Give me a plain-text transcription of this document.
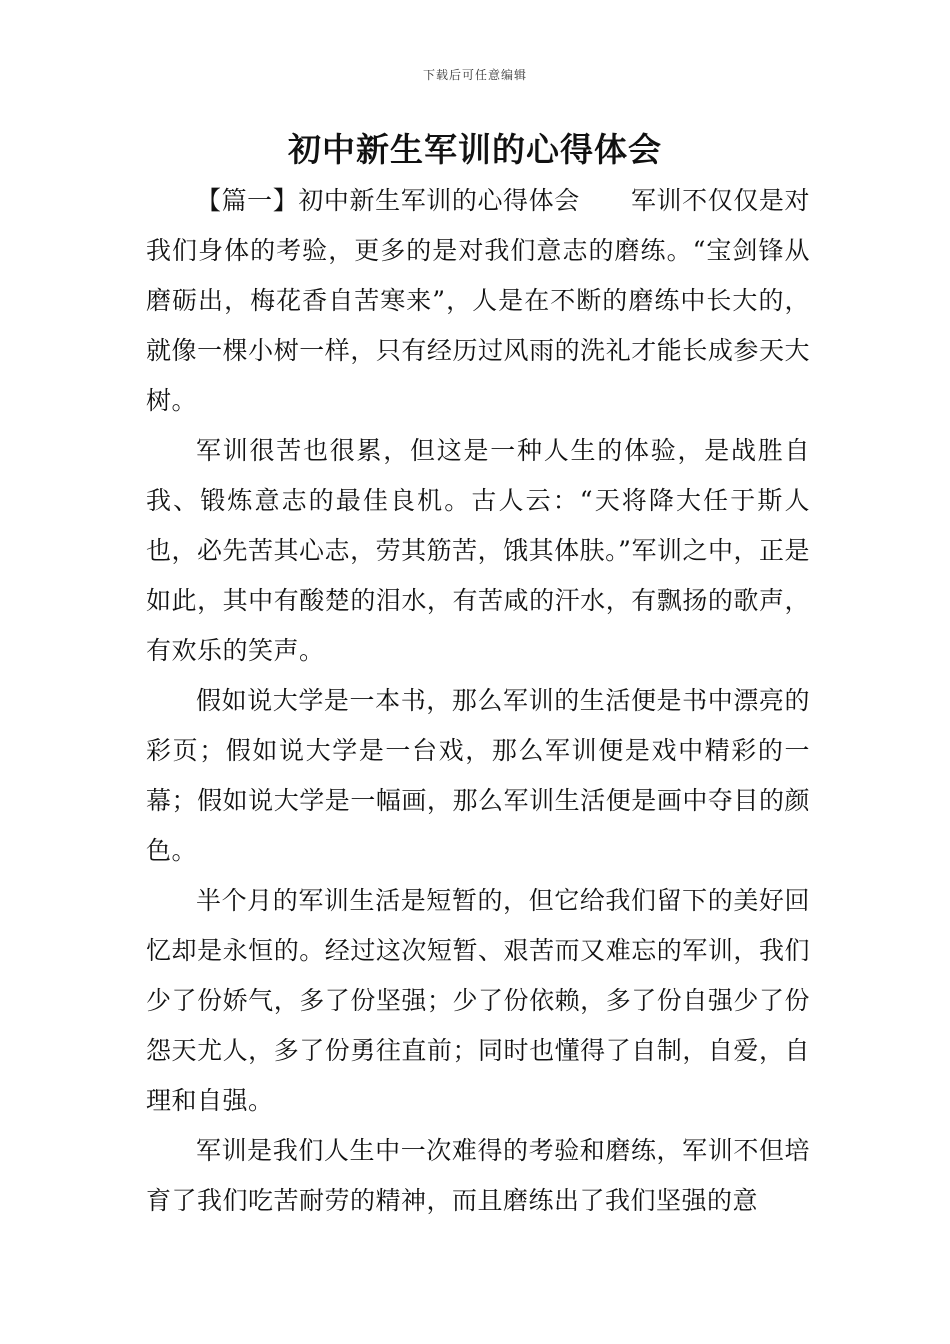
下载后可任意编辑
初中新生军训的心得体会

【篇一】初中新生军训的心得体会　　军训不仅仅是对我们身体的考验，更多的是对我们意志的磨练。“宝剑锋从磨砺出，梅花香自苦寒来”，人是在不断的磨练中长大的，就像一棵小树一样，只有经历过风雨的洗礼才能长成参天大树。

军训很苦也很累，但这是一种人生的体验，是战胜自我、锻炼意志的最佳良机。古人云：“天将降大任于斯人也，必先苦其心志，劳其筋苦，饿其体肤。”军训之中，正是如此，其中有酸楚的泪水，有苦咸的汗水，有飘扬的歌声，有欢乐的笑声。

假如说大学是一本书，那么军训的生活便是书中漂亮的彩页；假如说大学是一台戏，那么军训便是戏中精彩的一幕；假如说大学是一幅画，那么军训生活便是画中夺目的颜色。

半个月的军训生活是短暂的，但它给我们留下的美好回忆却是永恒的。经过这次短暂、艰苦而又难忘的军训，我们少了份娇气，多了份坚强；少了份依赖，多了份自强少了份怨天尤人，多了份勇往直前；同时也懂得了自制，自爱，自理和自强。

军训是我们人生中一次难得的考验和磨练，军训不但培育了我们吃苦耐劳的精神，而且磨练出了我们坚强的意
